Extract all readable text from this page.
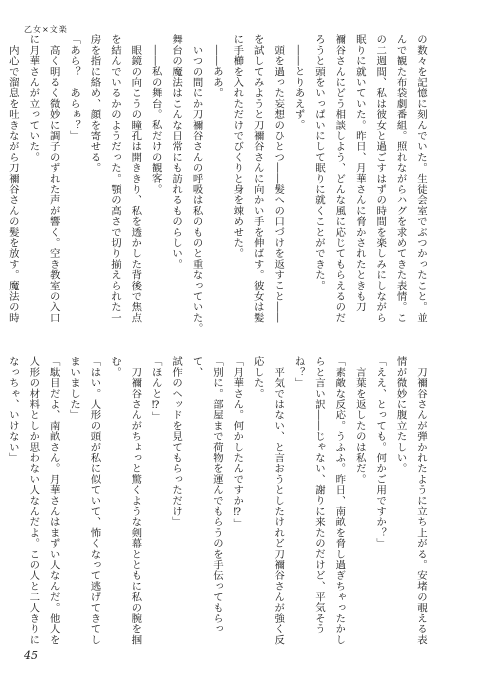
乙女×文楽

の数々を記憶に刻んでいた。生徒会室でぶつかったこと。並

んで観た布袋劇番組。照れながらハグを求めてきた表情。こ

の二週間、私は彼女と過ごすはずの時間を楽しみにしながら

眠りに就いていた。昨日、月華さんに脅かされたときも刀

禰谷さんにどう相談しよう、どんな風に応じてもらえるのだ

ろうと頭をいっぱいにして眠りに就くことができた。

　――とりあえず。

　頭を過った妄想のひとつ――髪への口づけを返すこと――

を試してみようと刀禰谷さんに向かい手を伸ばす。彼女は髪

に手櫛を入れただけでびくりと身を竦めせた。

　――ああ。

　いつの間にか刀禰谷さんの呼吸は私のものと重なっていた。

舞台の魔法はこんな日常にも訪れるものらしい。

　――私の舞台。私だけの観客。

　眼鏡の向こうの瞳孔は開ききり、私を透かした背後で焦点

を結んでいるかのようだった。顎の高さで切り揃えられた一

房を指に絡め、顔を寄せる。

「あら？　あらぁ？」

　高く明るく微妙に調子のずれた声が響く。空き教室の入口

に月華さんが立っていた。

　内心で溜息を吐きながら刀禰谷さんの髪を放す。魔法の時

　刀禰谷さんが弾かれたように立ち上がる。安堵の覗える表

情が微妙に腹立たしい。

「ええ、とっても。何かご用ですか？」

　言葉を返したのは私だ。

「素敵な反応。うふふ。昨日、南畝を脅し過ぎちゃったかし

らと言い訳――じゃない、謝りに来たのだけど、平気そう

ね？」

　平気ではない、と言おうとしたけれど刀禰谷さんが強く反

応した。

「月華さん。何かしたんですか⁉」

「別に。部屋まで荷物を運んでもらうのを手伝ってもらって、

試作のヘッドを見てもらっただけ」

「ほんと⁉」

　刀禰谷さんがちょっと驚くような剣幕とともに私の腕を掴

む。

「はい。人形の頭が私に似ていて、怖くなって逃げてきてし

まいました」

「駄目だよ、南畝さん。月華さんはまずい人なんだ。他人を

人形の材料としか思わない人なんだよ。この人と二人きりに

なっちゃ、いけない」

45
